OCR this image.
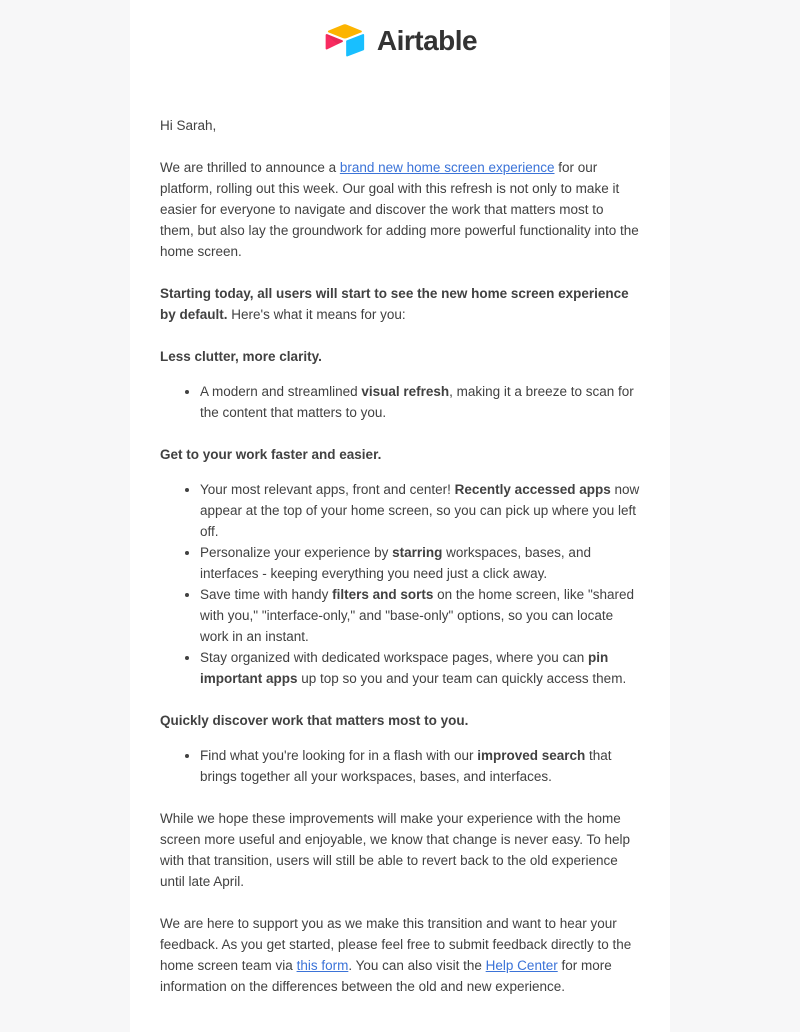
Airtable

Hi Sarah,

We are thrilled to announce a brand new home screen experience for our platform, rolling out this week. Our goal with this refresh is not only to make it easier for everyone to navigate and discover the work that matters most to them, but also lay the groundwork for adding more powerful functionality into the home screen.

Starting today, all users will start to see the new home screen experience by default. Here's what it means for you:

Less clutter, more clarity.

• A modern and streamlined visual refresh, making it a breeze to scan for the content that matters to you.

Get to your work faster and easier.

• Your most relevant apps, front and center! Recently accessed apps now appear at the top of your home screen, so you can pick up where you left off.
• Personalize your experience by starring workspaces, bases, and interfaces - keeping everything you need just a click away.
• Save time with handy filters and sorts on the home screen, like "shared with you," "interface-only," and "base-only" options, so you can locate work in an instant.
• Stay organized with dedicated workspace pages, where you can pin important apps up top so you and your team can quickly access them.

Quickly discover work that matters most to you.

• Find what you're looking for in a flash with our improved search that brings together all your workspaces, bases, and interfaces.

While we hope these improvements will make your experience with the home screen more useful and enjoyable, we know that change is never easy. To help with that transition, users will still be able to revert back to the old experience until late April.

We are here to support you as we make this transition and want to hear your feedback. As you get started, please feel free to submit feedback directly to the home screen team via this form. You can also visit the Help Center for more information on the differences between the old and new experience.
